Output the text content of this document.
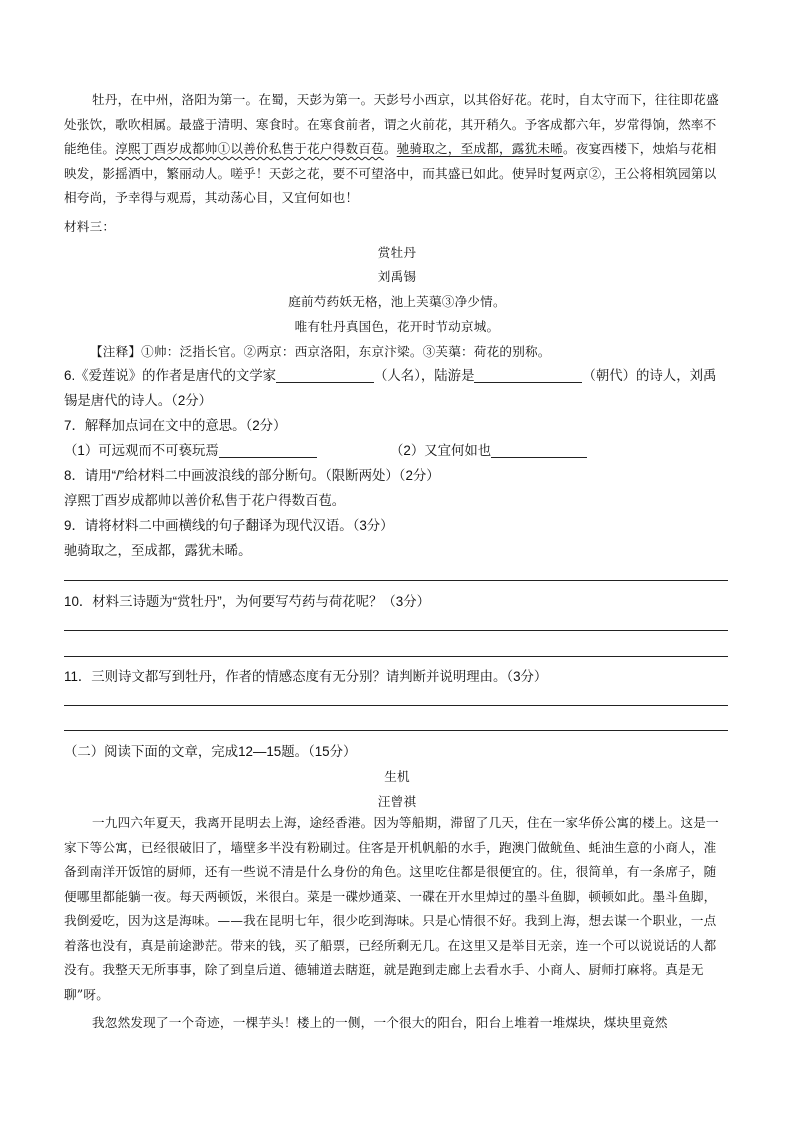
牡丹，在中州，洛阳为第一。在蜀，天彭为第一。天彭号小西京，以其俗好花。花时，自太守而下，往往即花盛处张饮，歌吹相属。最盛于清明、寒食时。在寒食前者，谓之火前花，其开稍久。予客成都六年，岁常得饷，然率不能绝佳。淳熙丁酉岁成都帅①以善价私售于花户得数百苞。驰骑取之，至成都，露犹未晞。夜宴西楼下，烛焰与花相映发，影摇酒中，繁丽动人。嗟乎！天彭之花，要不可望洛中，而其盛已如此。使异时复两京②，王公将相筑园第以相夸尚，予幸得与观焉，其动荡心目，又宜何如也！

材料三：
赏牡丹
刘禹锡
庭前芍药妖无格，池上芙蕖③净少情。
唯有牡丹真国色，花开时节动京城。
【注释】①帅：泛指长官。②两京：西京洛阳，东京汴梁。③芙蕖：荷花的别称。
6.《爱莲说》的作者是唐代的文学家	（人名），陆游是	（朝代）的诗人，刘禹
锡是唐代的诗人。（2分）
7．解释加点词在文中的意思。（2分）
（1）可远观而不可亵玩焉	（2）又宜何如也
8．请用“/”给材料二中画波浪线的部分断句。（限断两处）（2分）
淳熙丁酉岁成都帅以善价私售于花户得数百苞。
9．请将材料二中画横线的句子翻译为现代汉语。（3分）
驰骑取之，至成都，露犹未晞。
10．材料三诗题为“赏牡丹”，为何要写芍药与荷花呢？（3分）
11．三则诗文都写到牡丹，作者的情感态度有无分别？请判断并说明理由。（3分）
（二）阅读下面的文章，完成12—15题。（15分）
生机
汪曾祺

一九四六年夏天，我离开昆明去上海，途经香港。因为等船期，滞留了几天，住在一家华侨公寓的楼上。这是一家下等公寓，已经很破旧了，墙壁多半没有粉刷过。住客是开机帆船的水手，跑澳门做鱿鱼、蚝油生意的小商人，准备到南洋开饭馆的厨师，还有一些说不清是什么身份的角色。这里吃住都是很便宜的。住，很简单，有一条席子，随便哪里都能躺一夜。每天两顿饭，米很白。菜是一碟炒通菜、一碟在开水里焯过的墨斗鱼脚，顿顿如此。墨斗鱼脚，我倒爱吃，因为这是海味。——我在昆明七年，很少吃到海味。只是心情很不好。我到上海，想去谋一个职业，一点着落也没有，真是前途渺茫。带来的钱，买了船票，已经所剩无几。在这里又是举目无亲，连一个可以说说话的人都没有。我整天无所事事，除了到皇后道、德辅道去瞎逛，就是跑到走廊上去看水手、小商人、厨师打麻将。真是无聊”呀。

我忽然发现了一个奇迹，一棵芋头！楼上的一侧，一个很大的阳台，阳台上堆着一堆煤块，煤块里竟然
